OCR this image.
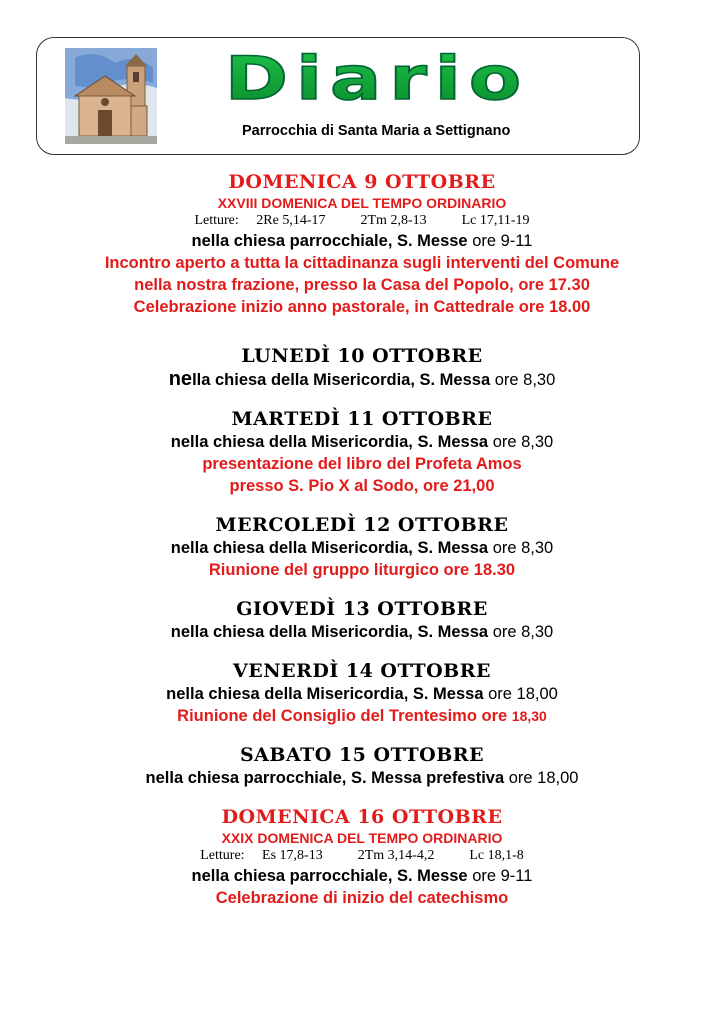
Diario
Parrocchia di Santa Maria a Settignano
DOMENICA 9 OTTOBRE
XXVIII DOMENICA DEL TEMPO ORDINARIO
Letture: 2Re 5,14-17	2Tm 2,8-13	Lc 17,11-19
nella chiesa parrocchiale, S. Messe ore 9-11
Incontro aperto a tutta la cittadinanza sugli interventi del Comune
nella nostra frazione, presso la Casa del Popolo, ore 17.30
Celebrazione inizio anno pastorale, in Cattedrale ore 18.00
LUNEDÌ 10 OTTOBRE
nella chiesa della Misericordia, S. Messa ore 8,30
MARTEDÌ 11 OTTOBRE
nella chiesa della Misericordia, S. Messa ore 8,30
presentazione del libro del Profeta Amos
presso S. Pio X al Sodo, ore 21,00
MERCOLEDÌ 12 OTTOBRE
nella chiesa della Misericordia, S. Messa ore 8,30
Riunione del gruppo liturgico ore 18.30
GIOVEDÌ 13 OTTOBRE
nella chiesa della Misericordia, S. Messa ore 8,30
VENERDÌ 14 OTTOBRE
nella chiesa della Misericordia, S. Messa ore 18,00
Riunione del Consiglio del Trentesimo ore 18,30
SABATO 15 OTTOBRE
nella chiesa parrocchiale, S. Messa prefestiva ore 18,00
DOMENICA 16 OTTOBRE
XXIX DOMENICA DEL TEMPO ORDINARIO
Letture: Es 17,8-13	2Tm 3,14-4,2	Lc 18,1-8
nella chiesa parrocchiale, S. Messe ore 9-11
Celebrazione di inizio del catechismo
